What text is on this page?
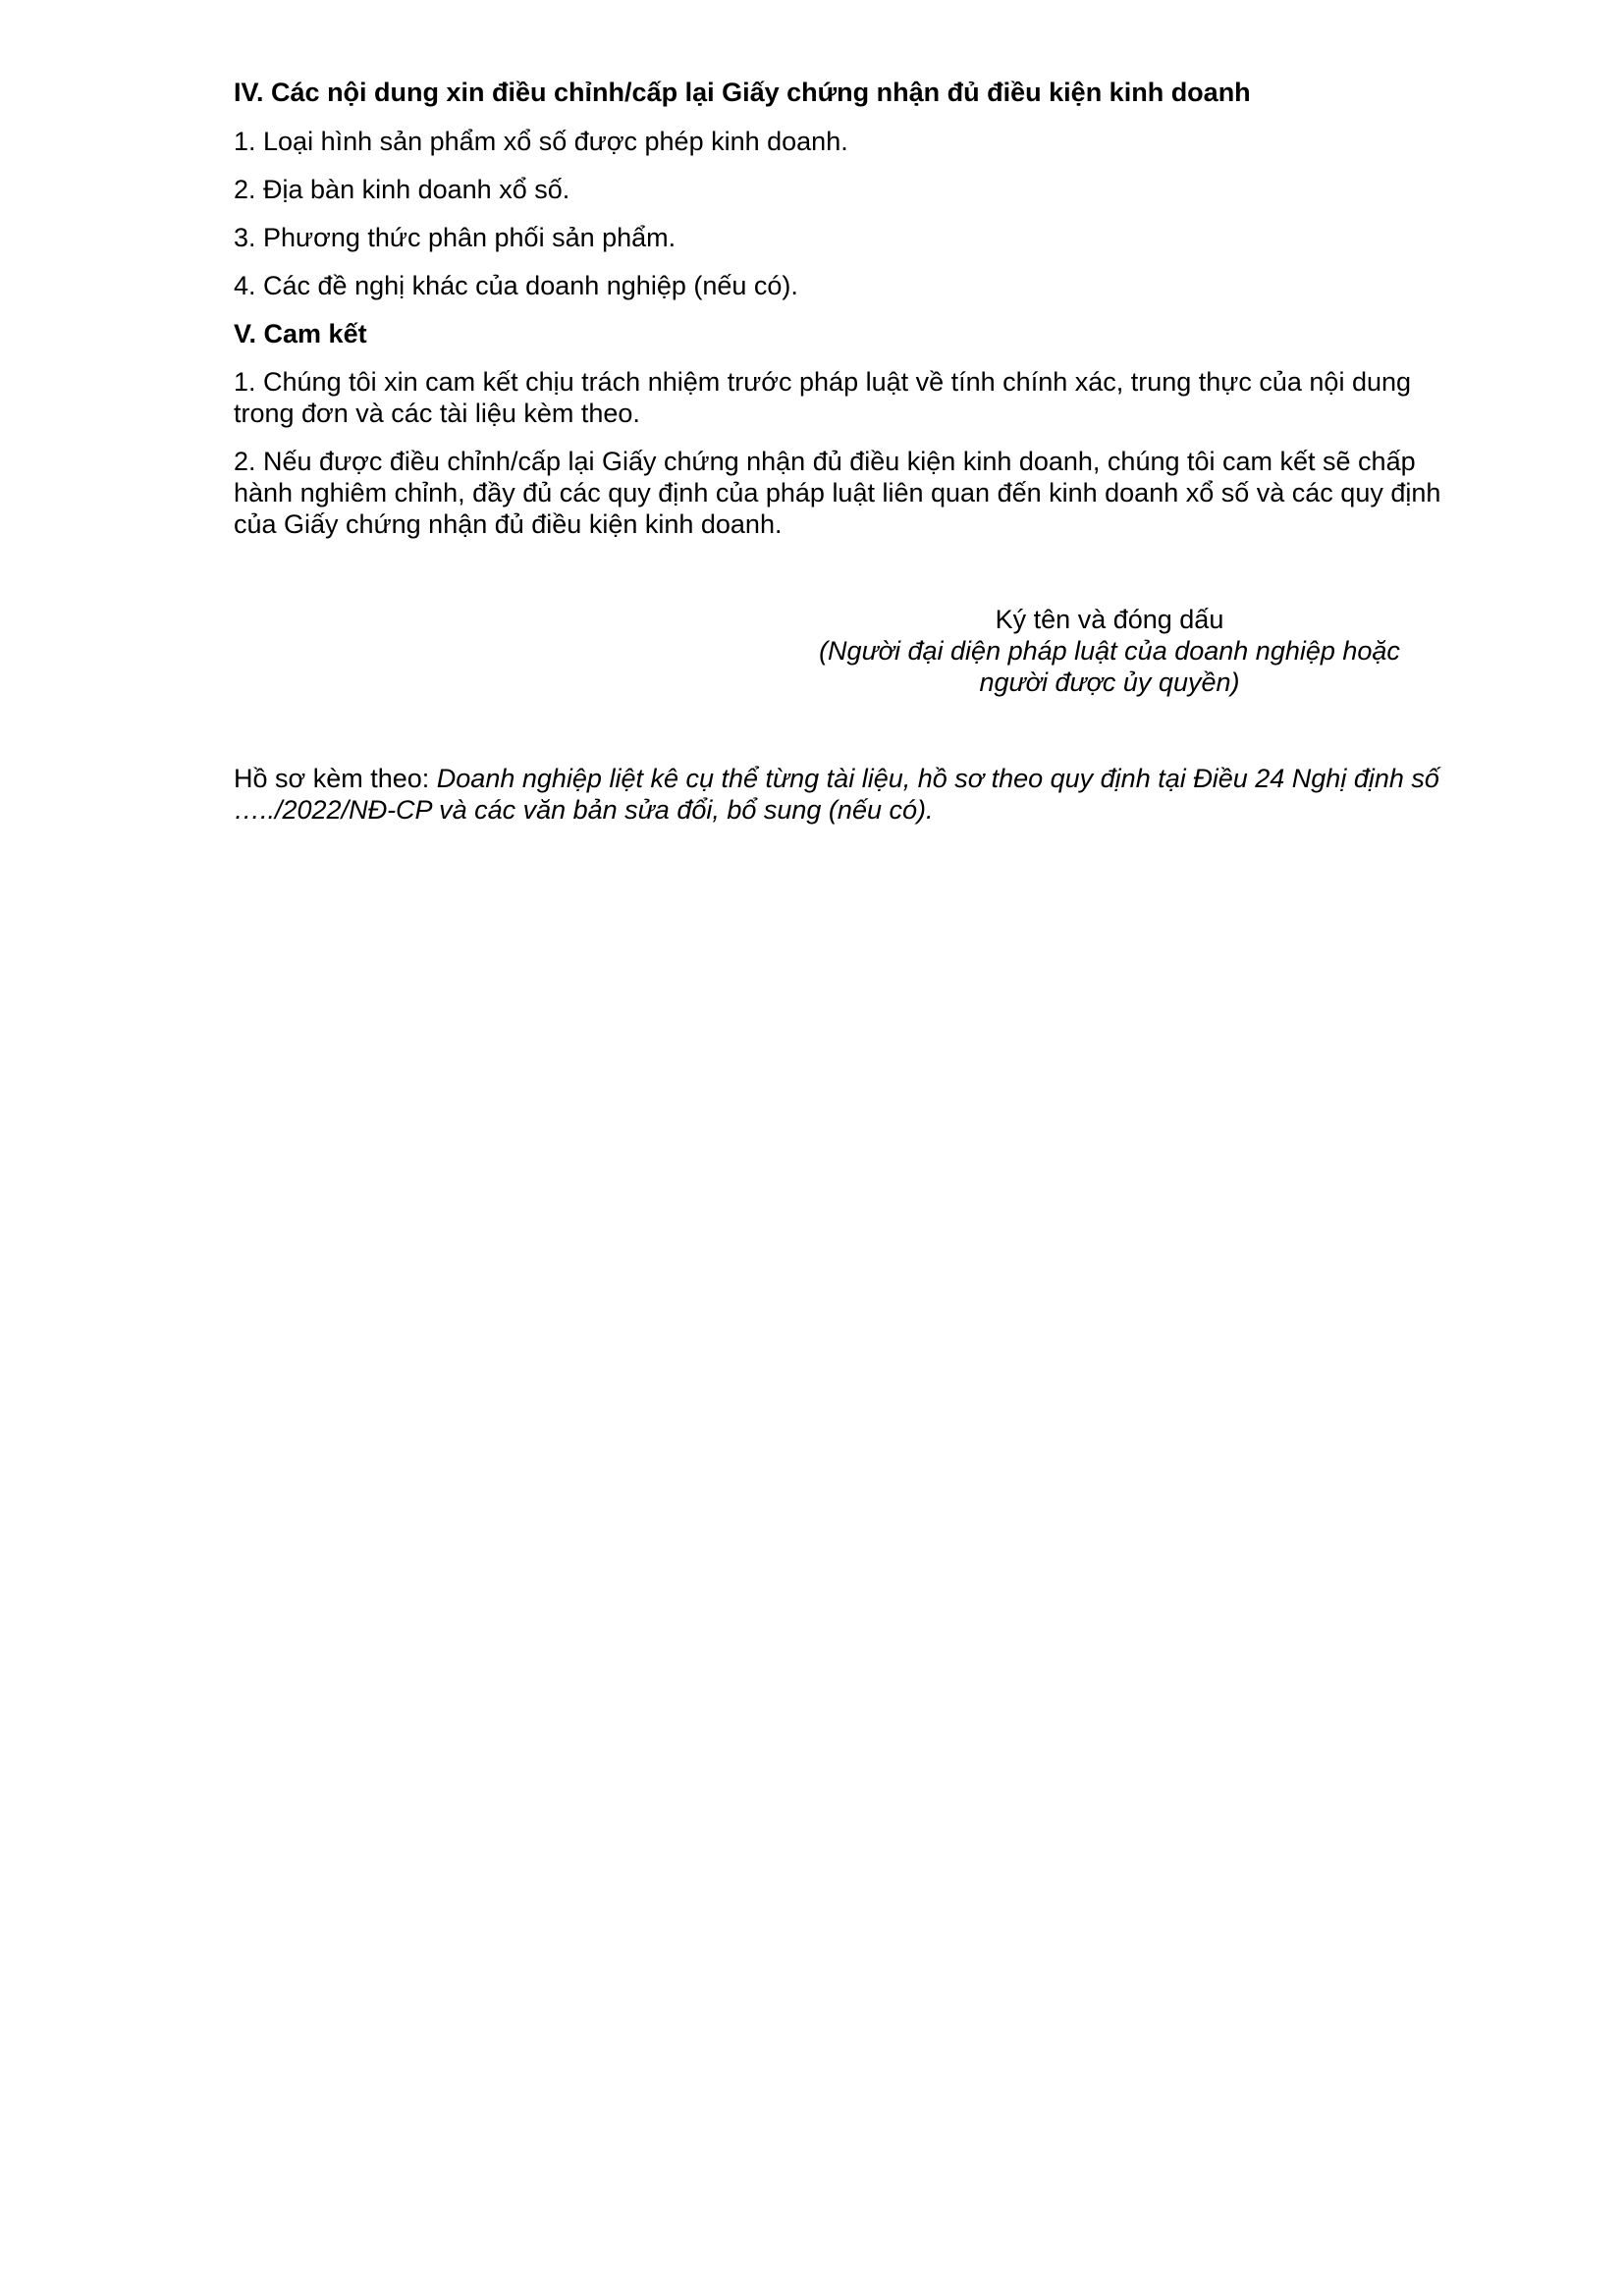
IV. Các nội dung xin điều chỉnh/cấp lại Giấy chứng nhận đủ điều kiện kinh doanh

1. Loại hình sản phẩm xổ số được phép kinh doanh.

2. Địa bàn kinh doanh xổ số.

3. Phương thức phân phối sản phẩm.

4. Các đề nghị khác của doanh nghiệp (nếu có).

V. Cam kết

1. Chúng tôi xin cam kết chịu trách nhiệm trước pháp luật về tính chính xác, trung thực của nội dung trong đơn và các tài liệu kèm theo.

2. Nếu được điều chỉnh/cấp lại Giấy chứng nhận đủ điều kiện kinh doanh, chúng tôi cam kết sẽ chấp hành nghiêm chỉnh, đầy đủ các quy định của pháp luật liên quan đến kinh doanh xổ số và các quy định của Giấy chứng nhận đủ điều kiện kinh doanh.

Ký tên và đóng dấu
(Người đại diện pháp luật của doanh nghiệp hoặc
người được ủy quyền)
Hồ sơ kèm theo: Doanh nghiệp liệt kê cụ thể từng tài liệu, hồ sơ theo quy định tại Điều 24 Nghị định số …../2022/NĐ-CP và các văn bản sửa đổi, bổ sung (nếu có).
